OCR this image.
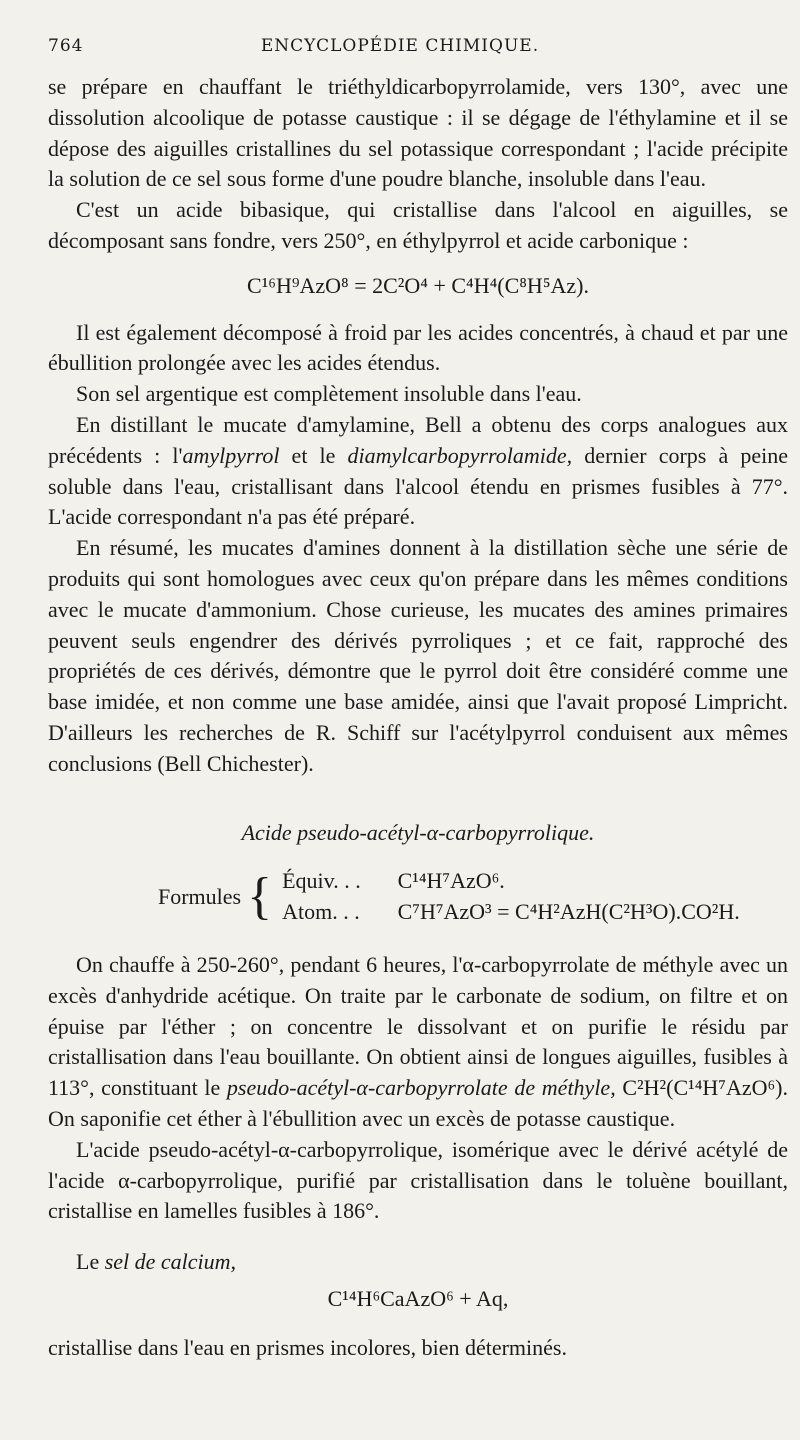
764	ENCYCLOPÉDIE CHIMIQUE.

se prépare en chauffant le triéthyldicarbopyrrolamide, vers 130°, avec une dissolution alcoolique de potasse caustique : il se dégage de l'éthylamine et il se dépose des aiguilles cristallines du sel potassique correspondant ; l'acide précipite la solution de ce sel sous forme d'une poudre blanche, insoluble dans l'eau.

C'est un acide bibasique, qui cristallise dans l'alcool en aiguilles, se décomposant sans fondre, vers 250°, en éthylpyrrol et acide carbonique :

C¹⁶H⁹AzO⁸ = 2C²O⁴ + C⁴H⁴(C⁸H⁵Az).

Il est également décomposé à froid par les acides concentrés, à chaud et par une ébullition prolongée avec les acides étendus.

Son sel argentique est complètement insoluble dans l'eau.

En distillant le mucate d'amylamine, Bell a obtenu des corps analogues aux précédents : l'amylpyrrol et le diamylcarbopyrrolamide, dernier corps à peine soluble dans l'eau, cristallisant dans l'alcool étendu en prismes fusibles à 77°. L'acide correspondant n'a pas été préparé.

En résumé, les mucates d'amines donnent à la distillation sèche une série de produits qui sont homologues avec ceux qu'on prépare dans les mêmes conditions avec le mucate d'ammonium. Chose curieuse, les mucates des amines primaires peuvent seuls engendrer des dérivés pyrroliques ; et ce fait, rapproché des propriétés de ces dérivés, démontre que le pyrrol doit être considéré comme une base imidée, et non comme une base amidée, ainsi que l'avait proposé Limpricht. D'ailleurs les recherches de R. Schiff sur l'acétylpyrrol conduisent aux mêmes conclusions (Bell Chichester).

Acide pseudo-acétyl-α-carbopyrrolique.

Formules { Équiv. . . C¹⁴H⁷AzO⁶.
Atom. . . C⁷H⁷AzO³ = C⁴H²AzH(C²H³O).CO²H.

On chauffe à 250-260°, pendant 6 heures, l'α-carbopyrrolate de méthyle avec un excès d'anhydride acétique. On traite par le carbonate de sodium, on filtre et on épuise par l'éther ; on concentre le dissolvant et on purifie le résidu par cristallisation dans l'eau bouillante. On obtient ainsi de longues aiguilles, fusibles à 113°, constituant le pseudo-acétyl-α-carbopyrrolate de méthyle, C²H²(C¹⁴H⁷AzO⁶). On saponifie cet éther à l'ébullition avec un excès de potasse caustique.

L'acide pseudo-acétyl-α-carbopyrrolique, isomérique avec le dérivé acétylé de l'acide α-carbopyrrolique, purifié par cristallisation dans le toluène bouillant, cristallise en lamelles fusibles à 186°.

Le sel de calcium,

C¹⁴H⁶CaAzO⁶ + Aq,

cristallise dans l'eau en prismes incolores, bien déterminés.
